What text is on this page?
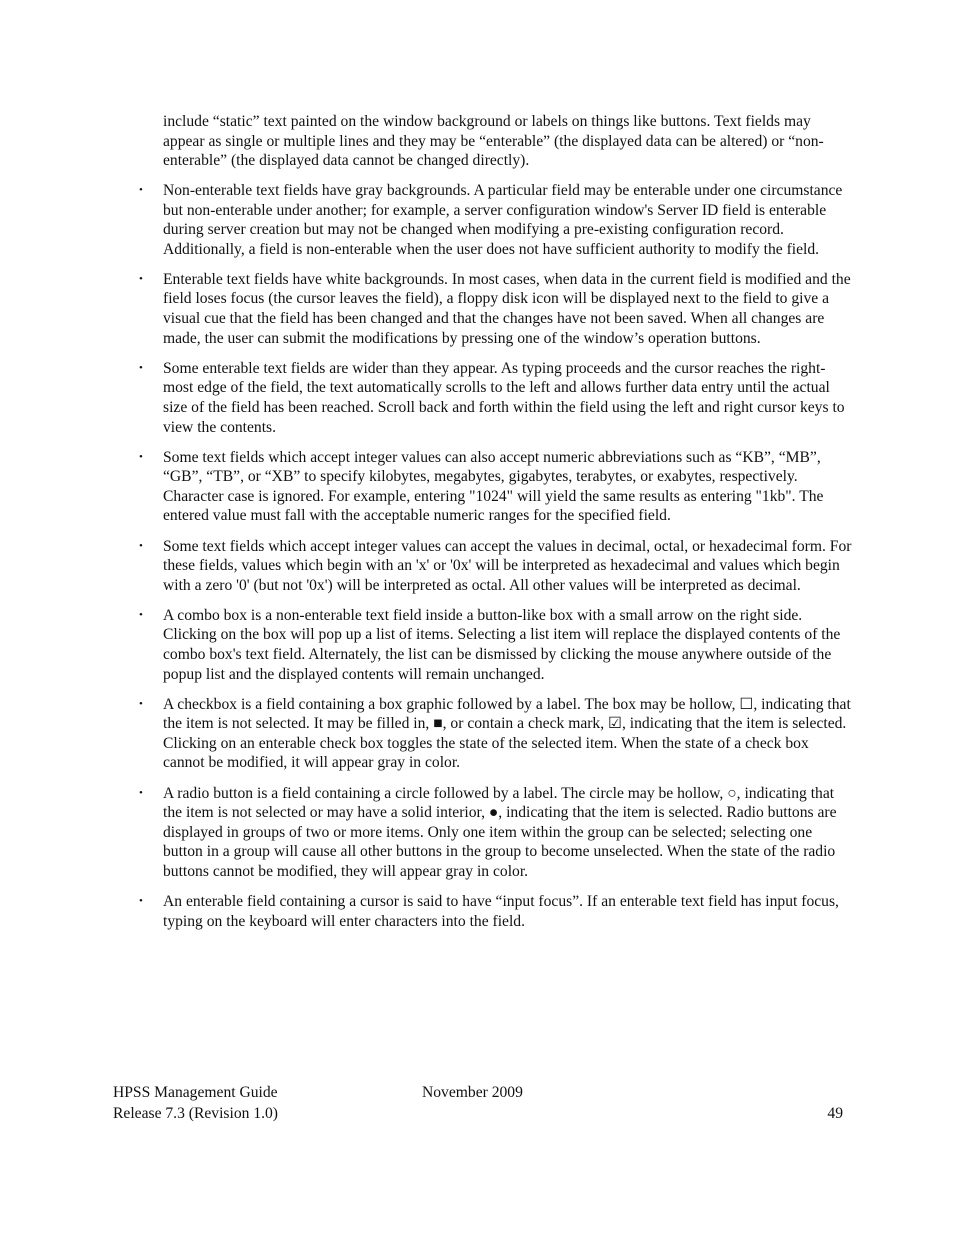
include “static” text painted on the window background or labels on things like buttons. Text fields may appear as single or multiple lines and they may be “enterable” (the displayed data can be altered) or “non-enterable” (the displayed data cannot be changed directly).
• Non-enterable text fields have gray backgrounds. A particular field may be enterable under one circumstance but non-enterable under another; for example, a server configuration window's Server ID field is enterable during server creation but may not be changed when modifying a pre-existing configuration record. Additionally, a field is non-enterable when the user does not have sufficient authority to modify the field.
• Enterable text fields have white backgrounds. In most cases, when data in the current field is modified and the field loses focus (the cursor leaves the field), a floppy disk icon will be displayed next to the field to give a visual cue that the field has been changed and that the changes have not been saved. When all changes are made, the user can submit the modifications by pressing one of the window’s operation buttons.
• Some enterable text fields are wider than they appear. As typing proceeds and the cursor reaches the right-most edge of the field, the text automatically scrolls to the left and allows further data entry until the actual size of the field has been reached. Scroll back and forth within the field using the left and right cursor keys to view the contents.
• Some text fields which accept integer values can also accept numeric abbreviations such as “KB”, “MB”, “GB”, “TB”, or “XB” to specify kilobytes, megabytes, gigabytes, terabytes, or exabytes, respectively. Character case is ignored. For example, entering "1024" will yield the same results as entering "1kb". The entered value must fall with the acceptable numeric ranges for the specified field.
• Some text fields which accept integer values can accept the values in decimal, octal, or hexadecimal form. For these fields, values which begin with an 'x' or '0x' will be interpreted as hexadecimal and values which begin with a zero '0' (but not '0x') will be interpreted as octal. All other values will be interpreted as decimal.
• A combo box is a non-enterable text field inside a button-like box with a small arrow on the right side. Clicking on the box will pop up a list of items. Selecting a list item will replace the displayed contents of the combo box's text field. Alternately, the list can be dismissed by clicking the mouse anywhere outside of the popup list and the displayed contents will remain unchanged.
• A checkbox is a field containing a box graphic followed by a label. The box may be hollow, ☐, indicating that the item is not selected. It may be filled in, ■, or contain a check mark, ☑, indicating that the item is selected. Clicking on an enterable check box toggles the state of the selected item. When the state of a check box cannot be modified, it will appear gray in color.
• A radio button is a field containing a circle followed by a label. The circle may be hollow, ○, indicating that the item is not selected or may have a solid interior, ●, indicating that the item is selected. Radio buttons are displayed in groups of two or more items. Only one item within the group can be selected; selecting one button in a group will cause all other buttons in the group to become unselected. When the state of the radio buttons cannot be modified, they will appear gray in color.
• An enterable field containing a cursor is said to have “input focus”. If an enterable text field has input focus, typing on the keyboard will enter characters into the field.
HPSS Management Guide	November 2009
Release 7.3 (Revision 1.0)	49
